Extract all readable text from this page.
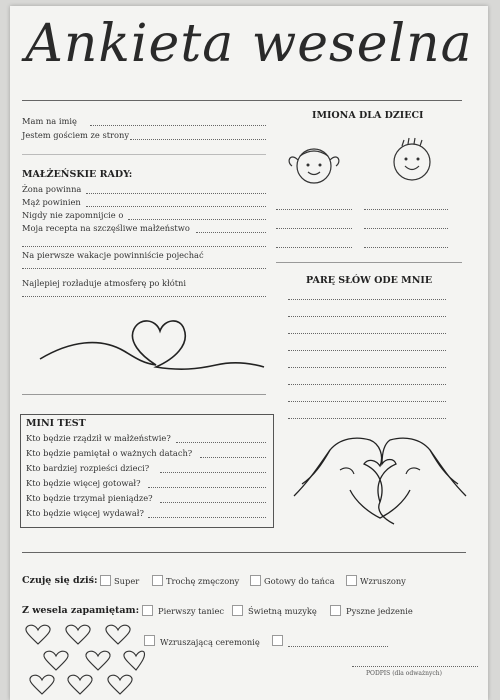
Ankieta weselna
Mam na imię
Jestem gościem ze strony
IMIONA DLA DZIECI
MAŁŻEŃSKIE RADY:
Żona powinna
Mąż powinien
Nigdy nie zapomnijcie o
Moja recepta na szczęśliwe małżeństwo
Na pierwsze wakacje powinniście pojechać
Najlepiej rozładuje atmosferę po kłótni	PARĘ SŁÓW ODE MNIE
MINI TEST
Kto będzie rządził w małżeństwie?
Kto będzie pamiętał o ważnych datach?
Kto bardziej rozpieści dzieci?
Kto będzie więcej gotował?
Kto będzie trzymał pieniądze?
Kto będzie więcej wydawał?
Czuję się dziś: Super	Trochę zmęczony	Gotowy do tańca	Wzruszony
Z wesela zapamiętam: Pierwszy taniec	Świetną muzykę	Pyszne jedzenie
Wzruszającą ceremonię
PODPIS (dla odważnych)
